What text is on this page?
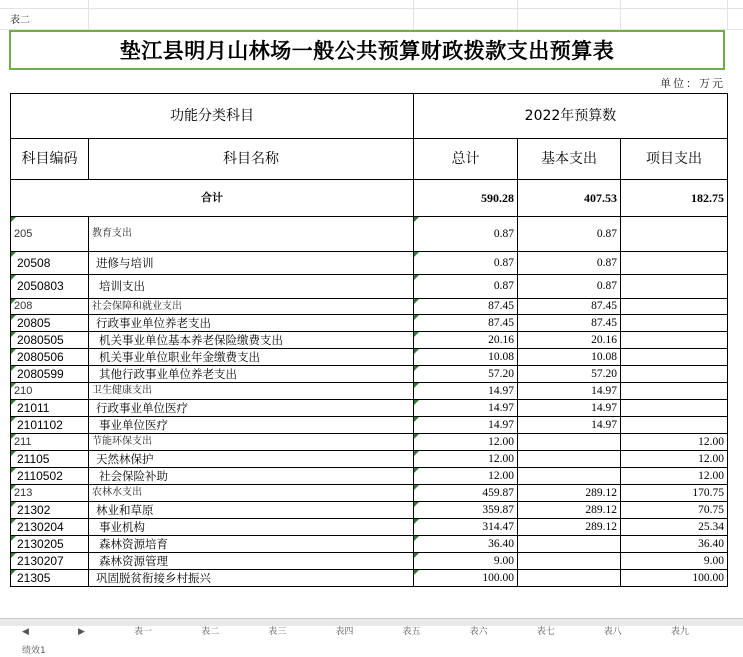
表二
垫江县明月山林场一般公共预算财政拨款支出预算表
单位：万元
功能分类科目		2022年预算数		
科目编码	科目名称	总计	基本支出	项目支出
合计		590.28	407.53	182.75
205	教育支出	0.87	0.87	
20508	进修与培训	0.87	0.87	
2050803	培训支出	0.87	0.87	
208	社会保障和就业支出	87.45	87.45	
20805	行政事业单位养老支出	87.45	87.45	
2080505	机关事业单位基本养老保险缴费支出	20.16	20.16	
2080506	机关事业单位职业年金缴费支出	10.08	10.08	
2080599	其他行政事业单位养老支出	57.20	57.20	
210	卫生健康支出	14.97	14.97	
21011	行政事业单位医疗	14.97	14.97	
2101102	事业单位医疗	14.97	14.97	
211	节能环保支出	12.00		12.00
21105	天然林保护	12.00		12.00
2110502	社会保险补助	12.00		12.00
213	农林水支出	459.87	289.12	170.75
21302	林业和草原	359.87	289.12	70.75
2130204	事业机构	314.47	289.12	25.34
2130205	森林资源培育	36.40		36.40
2130207	森林资源管理	9.00		9.00
21305	巩固脱贫衔接乡村振兴	100.00		100.00
◀	▶	表一	表二	表三	表四	表五	表六	表七	表八	表九 绩效1
